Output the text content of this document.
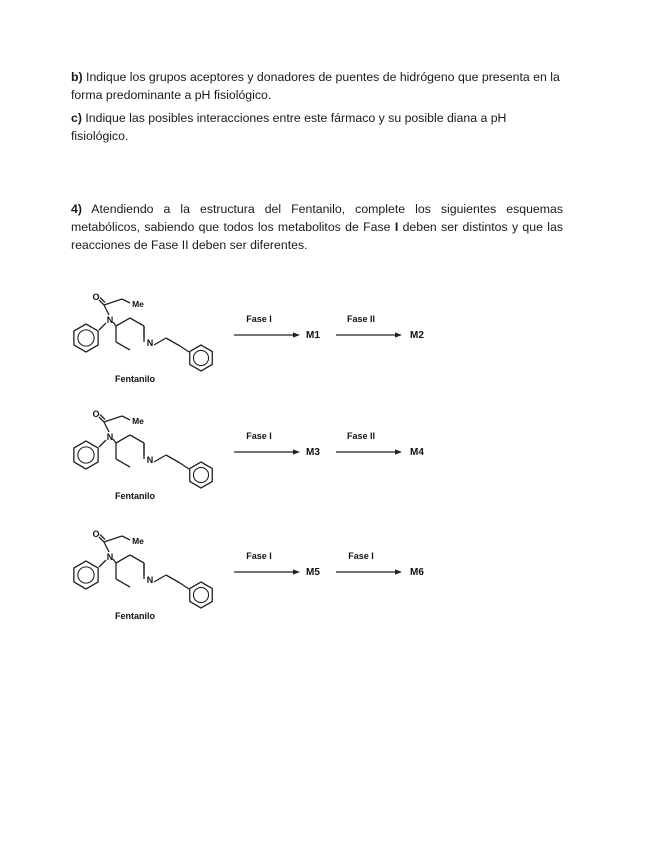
b) Indique los grupos aceptores y donadores de puentes de hidrógeno que presenta en la forma predominante a pH fisiológico.

c) Indique las posibles interacciones entre este fármaco y su posible diana a pH fisiológico.

4) Atendiendo a la estructura del Fentanilo, complete los siguientes esquemas metabólicos, sabiendo que todos los metabolitos de Fase I deben ser distintos y que las reacciones de Fase II deben ser diferentes.

O
Me
N
N
Fentanilo
Fase I
M1
Fase II
M2
O
Me
N
N
Fentanilo
Fase I
M3
Fase II
M4
O
Me
N
N
Fentanilo
Fase I
M5
Fase I
M6
